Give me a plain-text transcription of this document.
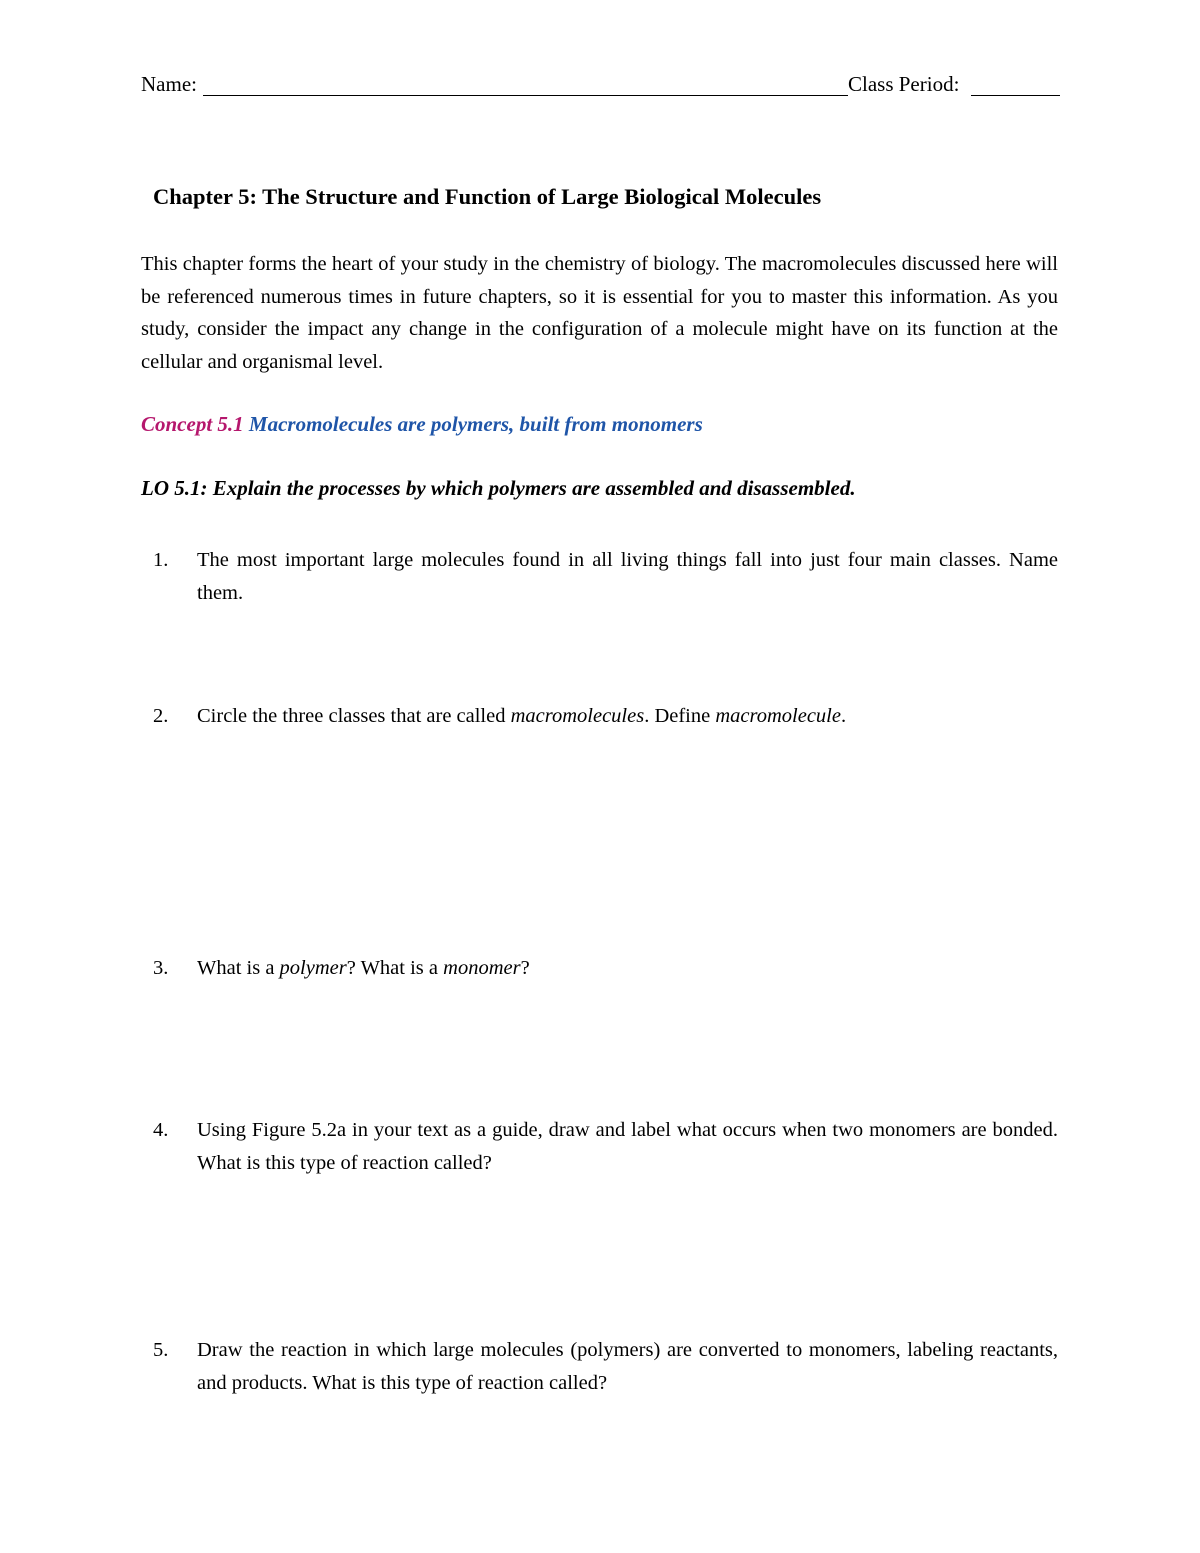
Name:	Class Period:
Chapter 5: The Structure and Function of Large Biological Molecules

This chapter forms the heart of your study in the chemistry of biology. The macromolecules discussed here will be referenced numerous times in future chapters, so it is essential for you to master this information. As you study, consider the impact any change in the configuration of a molecule might have on its function at the cellular and organismal level.

Concept 5.1 Macromolecules are polymers, built from monomers
LO 5.1: Explain the processes by which polymers are assembled and disassembled.
1. The most important large molecules found in all living things fall into just four main classes. Name them.
2. Circle the three classes that are called macromolecules. Define macromolecule.
3. What is a polymer? What is a monomer?
4. Using Figure 5.2a in your text as a guide, draw and label what occurs when two monomers are bonded. What is this type of reaction called?
5. Draw the reaction in which large molecules (polymers) are converted to monomers, labeling reactants, and products. What is this type of reaction called?
